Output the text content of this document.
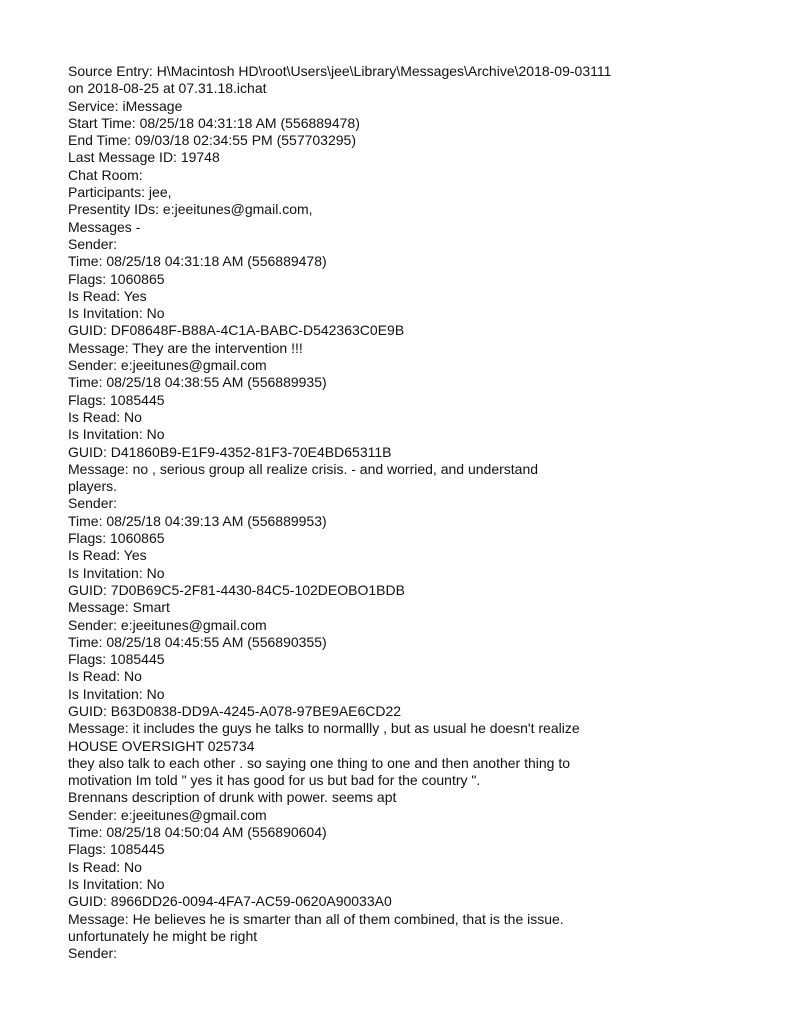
Source Entry: H\Macintosh HD\root\Users\jee\Library\Messages\Archive\2018-09-03111
on 2018-08-25 at 07.31.18.ichat
Service: iMessage
Start Time: 08/25/18 04:31:18 AM (556889478)
End Time: 09/03/18 02:34:55 PM (557703295)
Last Message ID: 19748
Chat Room:
Participants: jee,
Presentity IDs: e:jeeitunes@gmail.com,
Messages -
Sender:
Time: 08/25/18 04:31:18 AM (556889478)
Flags: 1060865
Is Read: Yes
Is Invitation: No
GUID: DF08648F-B88A-4C1A-BABC-D542363C0E9B
Message: They are the intervention !!!
Sender: e:jeeitunes@gmail.com
Time: 08/25/18 04:38:55 AM (556889935)
Flags: 1085445
Is Read: No
Is Invitation: No
GUID: D41860B9-E1F9-4352-81F3-70E4BD65311B
Message: no , serious group all realize crisis. - and worried, and understand
players.
Sender:
Time: 08/25/18 04:39:13 AM (556889953)
Flags: 1060865
Is Read: Yes
Is Invitation: No
GUID: 7D0B69C5-2F81-4430-84C5-102DEOBO1BDB
Message: Smart
Sender: e:jeeitunes@gmail.com
Time: 08/25/18 04:45:55 AM (556890355)
Flags: 1085445
Is Read: No
Is Invitation: No
GUID: B63D0838-DD9A-4245-A078-97BE9AE6CD22
Message: it includes the guys he talks to normallly , but as usual he doesn't realize
HOUSE OVERSIGHT 025734
they also talk to each other . so saying one thing to one and then another thing to
motivation Im told " yes it has good for us but bad for the country ".
Brennans description of drunk with power. seems apt
Sender: e:jeeitunes@gmail.com
Time: 08/25/18 04:50:04 AM (556890604)
Flags: 1085445
Is Read: No
Is Invitation: No
GUID: 8966DD26-0094-4FA7-AC59-0620A90033A0
Message: He believes he is smarter than all of them combined, that is the issue.
unfortunately he might be right
Sender:
